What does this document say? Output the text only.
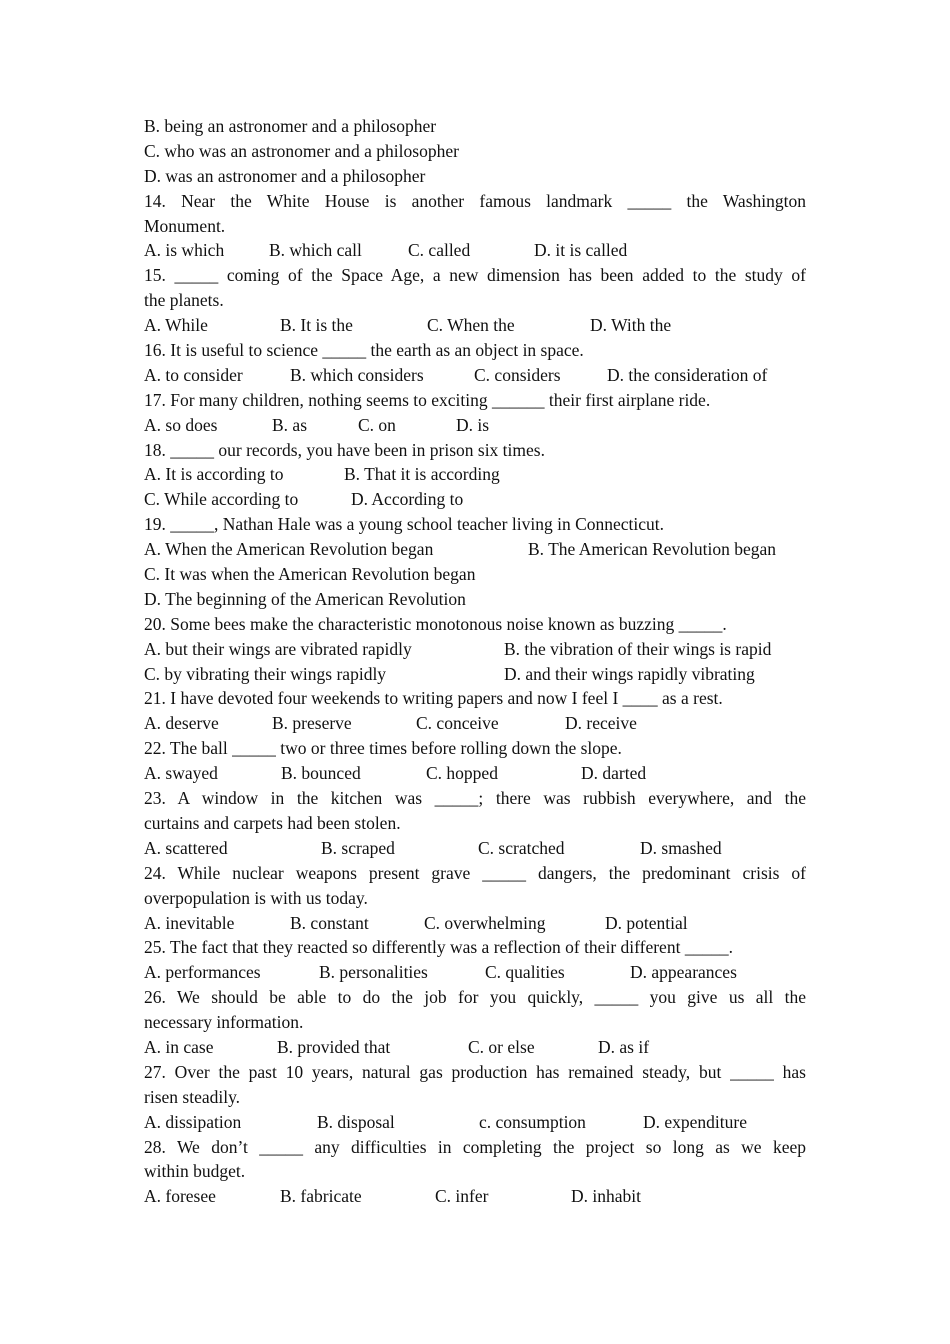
B. being an astronomer and a philosopher
C. who was an astronomer and a philosopher
D. was an astronomer and a philosopher
14. Near the White House is another famous landmark _____ the Washington
Monument.
A. is which	B. which call	C. called	D. it is called
15. _____ coming of the Space Age, a new dimension has been added to the study of
the planets.
A. While	B. It is the	C. When the	D. With the
16. It is useful to science _____ the earth as an object in space.
A. to consider	B. which considers	C. considers	D. the consideration of
17. For many children, nothing seems to exciting ______ their first airplane ride.
A. so does	B. as	C. on	D. is
18. _____ our records, you have been in prison six times.
A. It is according to	B. That it is according
C. While according to	D. According to
19. _____, Nathan Hale was a young school teacher living in Connecticut.
A. When the American Revolution began	B. The American Revolution began
C. It was when the American Revolution began
D. The beginning of the American Revolution
20. Some bees make the characteristic monotonous noise known as buzzing _____.
A. but their wings are vibrated rapidly	B. the vibration of their wings is rapid
C. by vibrating their wings rapidly	D. and their wings rapidly vibrating
21. I have devoted four weekends to writing papers and now I feel I ____ as a rest.
A. deserve	B. preserve	C. conceive	D. receive
22. The ball _____ two or three times before rolling down the slope.
A. swayed	B. bounced	C. hopped	D. darted
23. A window in the kitchen was _____; there was rubbish everywhere, and the
curtains and carpets had been stolen.
A. scattered	B. scraped	C. scratched	D. smashed
24. While nuclear weapons present grave _____ dangers, the predominant crisis of
overpopulation is with us today.
A. inevitable	B. constant	C. overwhelming	D. potential
25. The fact that they reacted so differently was a reflection of their different _____.
A. performances	B. personalities	C. qualities	D. appearances
26. We should be able to do the job for you quickly, _____ you give us all the
necessary information.
A. in case	B. provided that	C. or else	D. as if
27. Over the past 10 years, natural gas production has remained steady, but _____ has
risen steadily.
A. dissipation	B. disposal	c. consumption	D. expenditure
28. We don’t _____ any difficulties in completing the project so long as we keep
within budget.
A. foresee	B. fabricate	C. infer	D. inhabit
